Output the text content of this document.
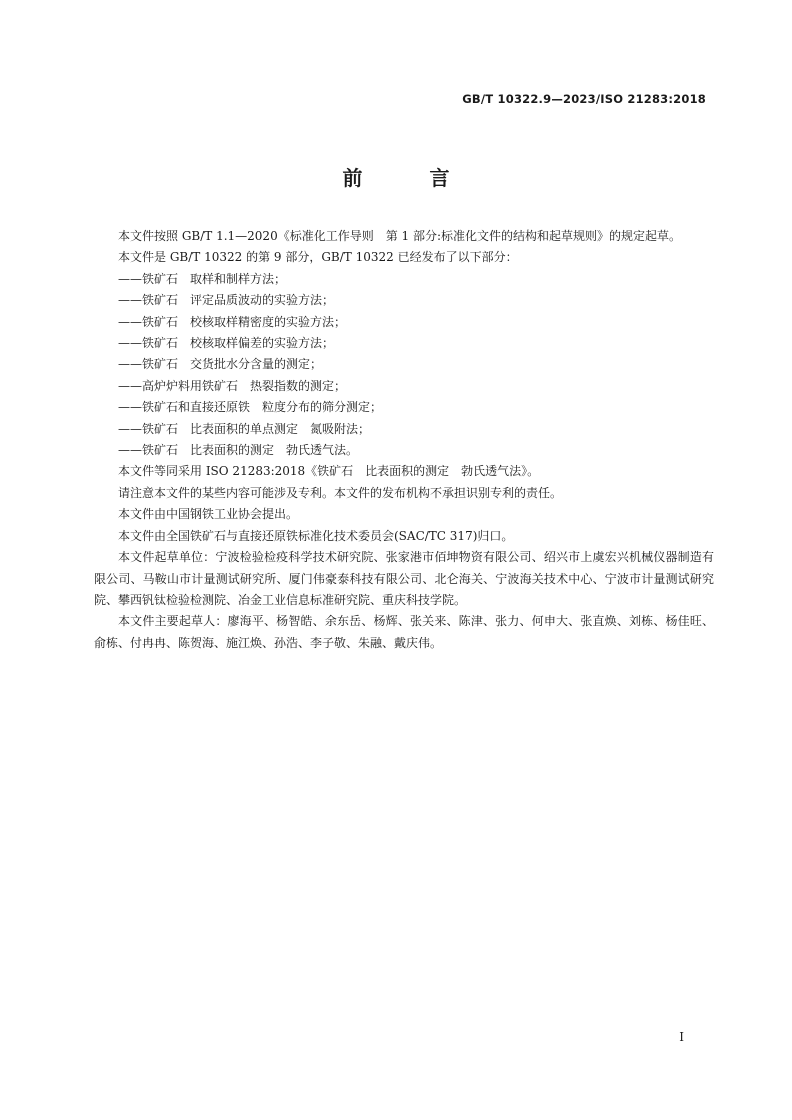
GB/T 10322.9—2023/ISO 21283:2018
前 言

本文件按照 GB/T 1.1—2020《标准化工作导则　第 1 部分:标准化文件的结构和起草规则》的规定起草。

本文件是 GB/T 10322 的第 9 部分，GB/T 10322 已经发布了以下部分：

——铁矿石　取样和制样方法；
——铁矿石　评定品质波动的实验方法；
——铁矿石　校核取样精密度的实验方法；
——铁矿石　校核取样偏差的实验方法；
——铁矿石　交货批水分含量的测定；
——高炉炉料用铁矿石　热裂指数的测定；
——铁矿石和直接还原铁　粒度分布的筛分测定；
——铁矿石　比表面积的单点测定　氮吸附法；
——铁矿石　比表面积的测定　勃氏透气法。

本文件等同采用 ISO 21283:2018《铁矿石　比表面积的测定　勃氏透气法》。

请注意本文件的某些内容可能涉及专利。本文件的发布机构不承担识别专利的责任。

本文件由中国钢铁工业协会提出。

本文件由全国铁矿石与直接还原铁标准化技术委员会(SAC/TC 317)归口。

本文件起草单位：宁波检验检疫科学技术研究院、张家港市佰坤物资有限公司、绍兴市上虞宏兴机械仪器制造有限公司、马鞍山市计量测试研究所、厦门伟豪泰科技有限公司、北仑海关、宁波海关技术中心、宁波市计量测试研究院、攀西钒钛检验检测院、冶金工业信息标准研究院、重庆科技学院。

本文件主要起草人：廖海平、杨智皓、余东岳、杨辉、张关来、陈津、张力、何申大、张直焕、刘栋、杨佳旺、俞栋、付冉冉、陈贺海、施江焕、孙浩、李子敬、朱融、戴庆伟。

I
